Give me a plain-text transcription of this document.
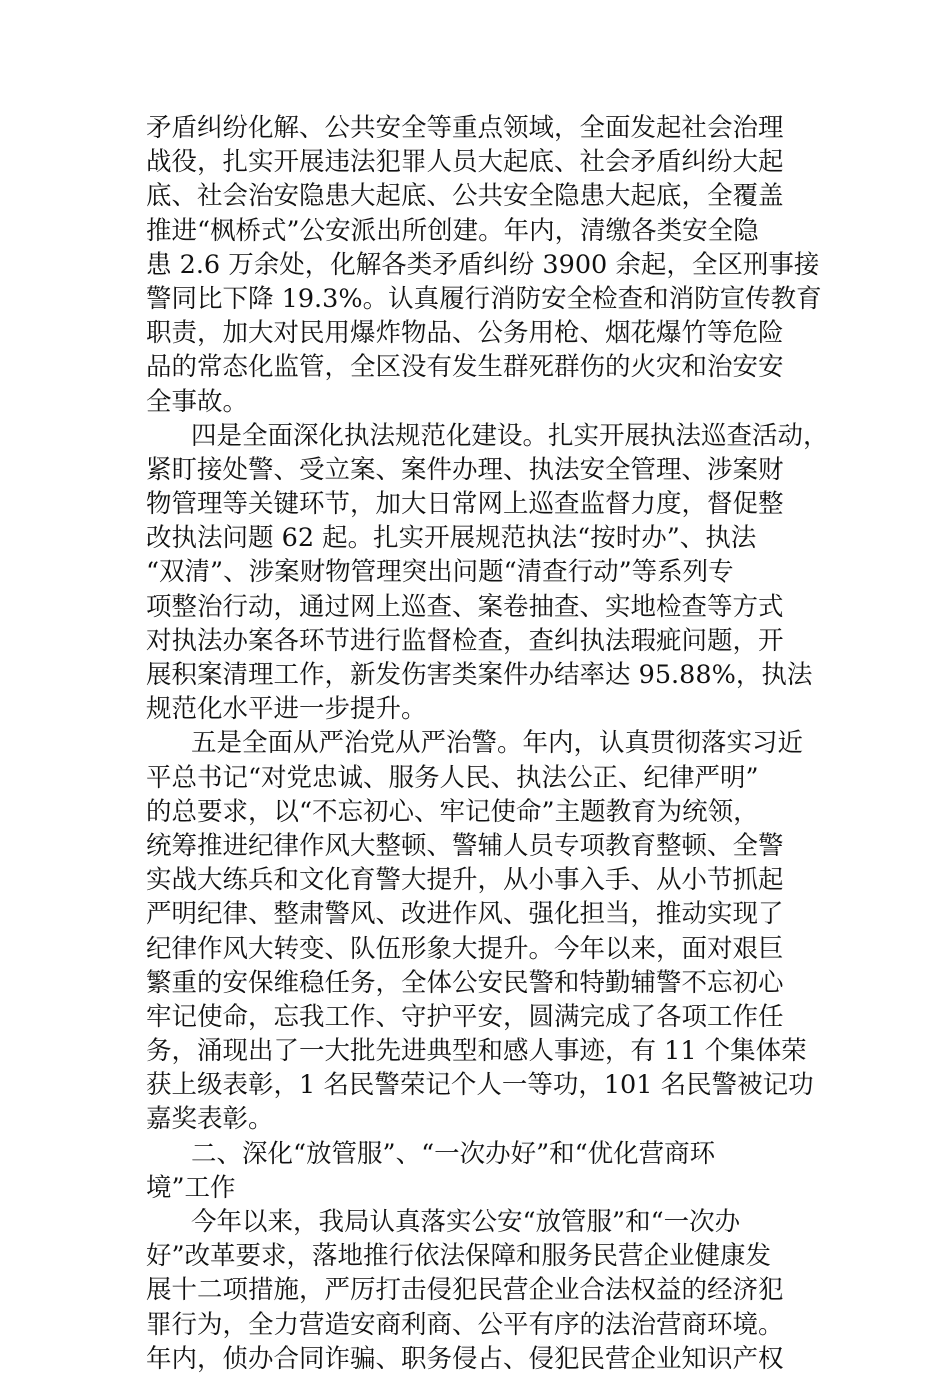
矛盾纠纷化解、公共安全等重点领域，全面发起社会治理
战役，扎实开展违法犯罪人员大起底、社会矛盾纠纷大起
底、社会治安隐患大起底、公共安全隐患大起底，全覆盖
推进“枫桥式”公安派出所创建。年内，清缴各类安全隐
患 2.6 万余处，化解各类矛盾纠纷 3900 余起，全区刑事接
警同比下降 19.3%。认真履行消防安全检查和消防宣传教育
职责，加大对民用爆炸物品、公务用枪、烟花爆竹等危险
品的常态化监管，全区没有发生群死群伤的火灾和治安安
全事故。
四是全面深化执法规范化建设。扎实开展执法巡查活动，
紧盯接处警、受立案、案件办理、执法安全管理、涉案财
物管理等关键环节，加大日常网上巡查监督力度，督促整
改执法问题 62 起。扎实开展规范执法“按时办”、执法
“双清”、涉案财物管理突出问题“清查行动”等系列专
项整治行动，通过网上巡查、案卷抽查、实地检查等方式
对执法办案各环节进行监督检查，查纠执法瑕疵问题，开
展积案清理工作，新发伤害类案件办结率达 95.88%，执法
规范化水平进一步提升。
五是全面从严治党从严治警。年内，认真贯彻落实习近
平总书记“对党忠诚、服务人民、执法公正、纪律严明”
的总要求，以“不忘初心、牢记使命”主题教育为统领，
统筹推进纪律作风大整顿、警辅人员专项教育整顿、全警
实战大练兵和文化育警大提升，从小事入手、从小节抓起
严明纪律、整肃警风、改进作风、强化担当，推动实现了
纪律作风大转变、队伍形象大提升。今年以来，面对艰巨
繁重的安保维稳任务，全体公安民警和特勤辅警不忘初心
牢记使命，忘我工作、守护平安，圆满完成了各项工作任
务，涌现出了一大批先进典型和感人事迹，有 11 个集体荣
获上级表彰，1 名民警荣记个人一等功，101 名民警被记功
嘉奖表彰。
二、深化“放管服”、“一次办好”和“优化营商环
境”工作
今年以来，我局认真落实公安“放管服”和“一次办
好”改革要求，落地推行依法保障和服务民营企业健康发
展十二项措施，严厉打击侵犯民营企业合法权益的经济犯
罪行为，全力营造安商利商、公平有序的法治营商环境。
年内，侦办合同诈骗、职务侵占、侵犯民营企业知识产权
